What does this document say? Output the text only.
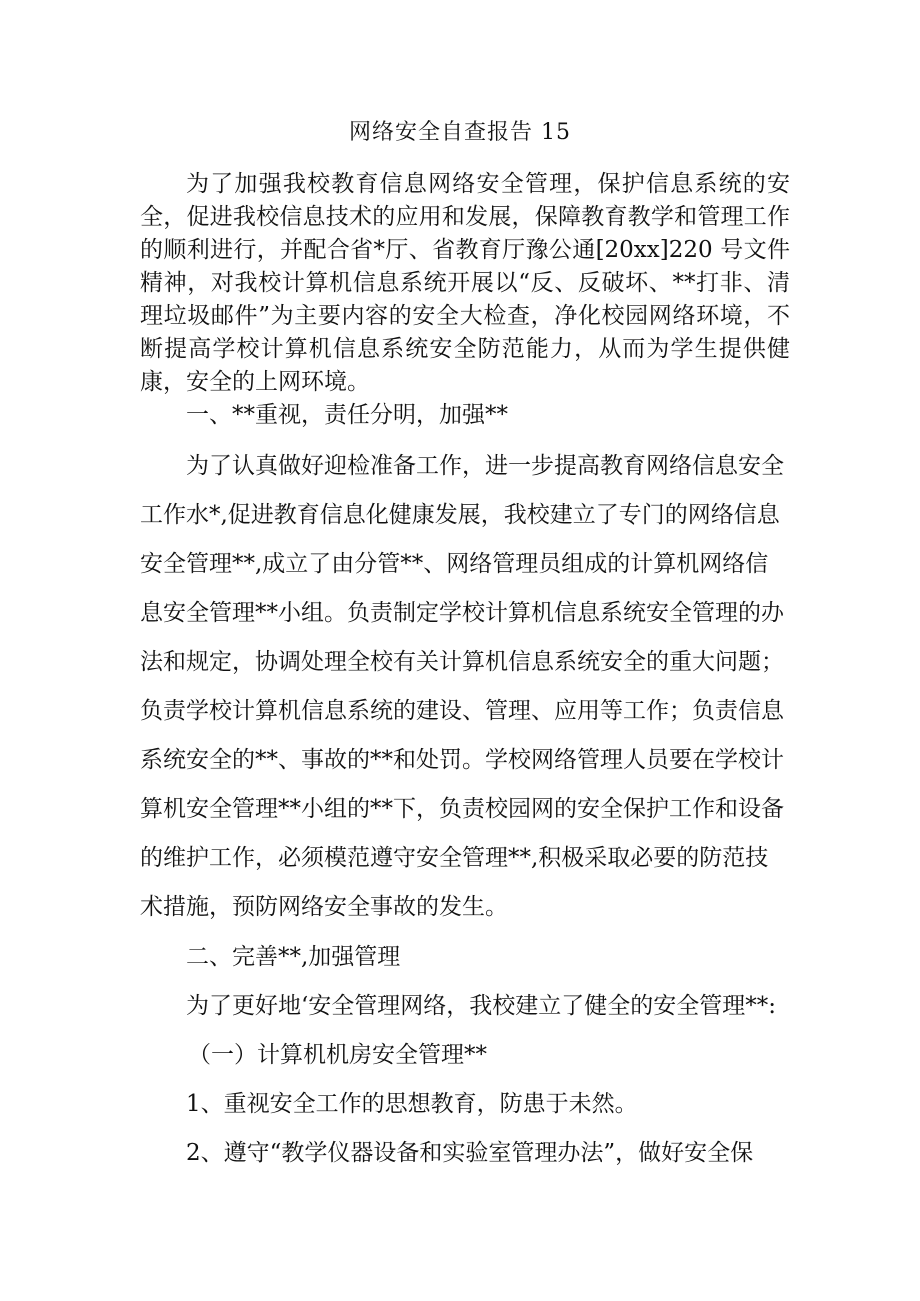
网络安全自查报告 15
为了加强我校教育信息网络安全管理，保护信息系统的安全，促进我校信息技术的应用和发展，保障教育教学和管理工作的顺利进行，并配合省*厅、省教育厅豫公通[20xx]220 号文件精神，对我校计算机信息系统开展以“反、反破坏、**打非、清理垃圾邮件”为主要内容的安全大检查，净化校园网络环境，不断提高学校计算机信息系统安全防范能力，从而为学生提供健康，安全的上网环境。
一、**重视，责任分明，加强**
为了认真做好迎检准备工作，进一步提高教育网络信息安全
工作水*,促进教育信息化健康发展，我校建立了专门的网络信息
安全管理**,成立了由分管**、网络管理员组成的计算机网络信
息安全管理**小组。负责制定学校计算机信息系统安全管理的办
法和规定，协调处理全校有关计算机信息系统安全的重大问题；
负责学校计算机信息系统的建设、管理、应用等工作；负责信息
系统安全的**、事故的**和处罚。学校网络管理人员要在学校计
算机安全管理**小组的**下，负责校园网的安全保护工作和设备
的维护工作，必须模范遵守安全管理**,积极采取必要的防范技
术措施，预防网络安全事故的发生。
二、完善**,加强管理
为了更好地‘安全管理网络，我校建立了健全的安全管理**:
（一）计算机机房安全管理**
1、重视安全工作的思想教育，防患于未然。
2、遵守“教学仪器设备和实验室管理办法”，做好安全保
